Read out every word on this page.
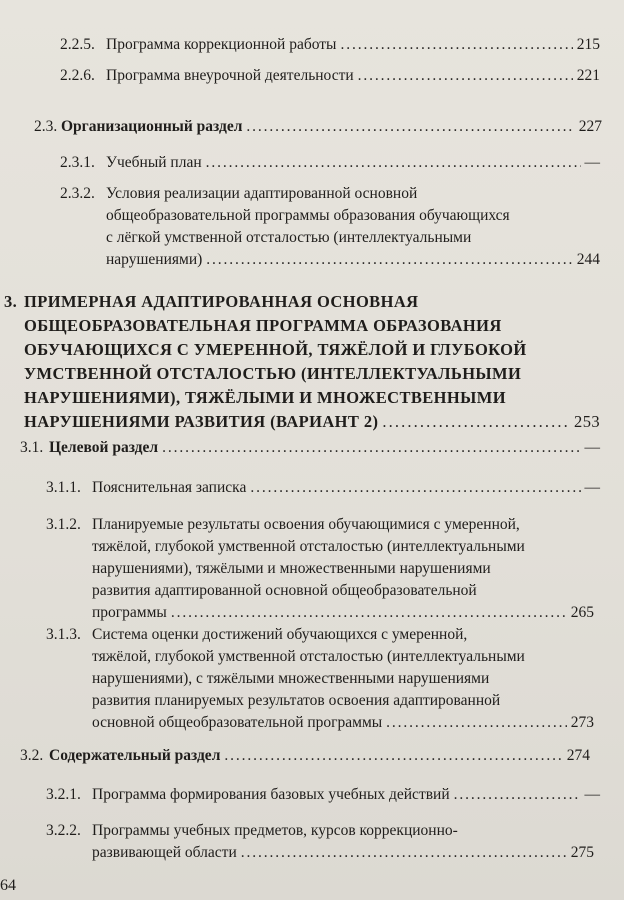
2.2.5. Программа коррекционной работы . . .	215
2.2.6. Программа внеурочной деятельности . . .	221
2.3. Организационный раздел . . .	227
2.3.1. Учебный план . . .	—
2.3.2. Условия реализации адаптированной основной
общеобразовательной программы образования обучающихся
с лёгкой умственной отсталостью (интеллектуальными
нарушениями) . . .	244
3. ПРИМЕРНАЯ АДАПТИРОВАННАЯ ОСНОВНАЯ
ОБЩЕОБРАЗОВАТЕЛЬНАЯ ПРОГРАММА ОБРАЗОВАНИЯ
ОБУЧАЮЩИХСЯ С УМЕРЕННОЙ, ТЯЖЁЛОЙ И ГЛУБОКОЙ
УМСТВЕННОЙ ОТСТАЛОСТЬЮ (ИНТЕЛЛЕКТУАЛЬНЫМИ
НАРУШЕНИЯМИ), ТЯЖЁЛЫМИ И МНОЖЕСТВЕННЫМИ
НАРУШЕНИЯМИ РАЗВИТИЯ (ВАРИАНТ 2) . . .	253
3.1. Целевой раздел . . .	—
3.1.1. Пояснительная записка . . .	—
3.1.2. Планируемые результаты освоения обучающимися с умеренной,
тяжёлой, глубокой умственной отсталостью (интеллектуальными
нарушениями), тяжёлыми и множественными нарушениями
развития адаптированной основной общеобразовательной
программы . . .	265
3.1.3. Система оценки достижений обучающихся с умеренной,
тяжёлой, глубокой умственной отсталостью (интеллектуальными
нарушениями), с тяжёлыми множественными нарушениями
развития планируемых результатов освоения адаптированной
основной общеобразовательной программы . . .	273
3.2. Содержательный раздел . . .	274
3.2.1. Программа формирования базовых учебных действий . . .	—
3.2.2. Программы учебных предметов, курсов коррекционно-
развивающей области . . .	275
64
